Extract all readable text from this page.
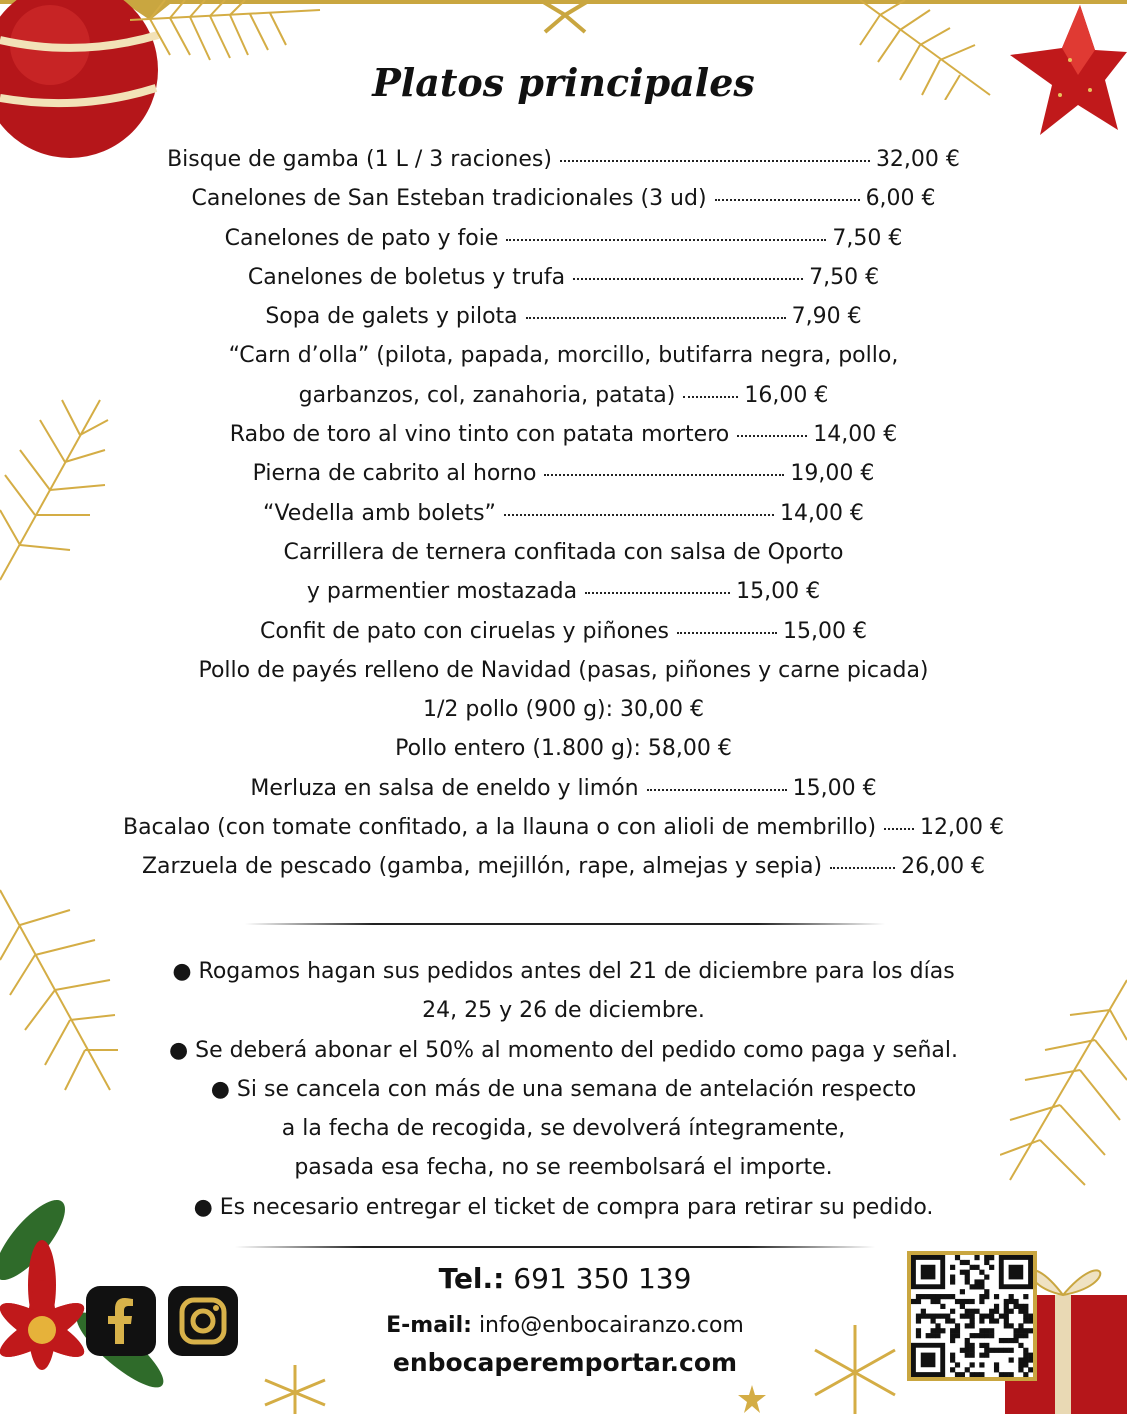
Platos principales
Bisque de gamba (1 L / 3 raciones)	32,00 €
Canelones de San Esteban tradicionales (3 ud)	6,00 €
Canelones de pato y foie	7,50 €
Canelones de boletus y trufa	7,50 €
Sopa de galets y pilota	7,90 €
“Carn d’olla” (pilota, papada, morcillo, butifarra negra, pollo,
garbanzos, col, zanahoria, patata)	16,00 €
Rabo de toro al vino tinto con patata mortero	14,00 €
Pierna de cabrito al horno	19,00 €
“Vedella amb bolets”	14,00 €
Carrillera de ternera confitada con salsa de Oporto
y parmentier mostazada	15,00 €
Confit de pato con ciruelas y piñones	15,00 €
Pollo de payés relleno de Navidad (pasas, piñones y carne picada)
1/2 pollo (900 g): 30,00 €
Pollo entero (1.800 g): 58,00 €
Merluza en salsa de eneldo y limón	15,00 €
Bacalao (con tomate confitado, a la llauna o con alioli de membrillo) 12,00 €
Zarzuela de pescado (gamba, mejillón, rape, almejas y sepia)	26,00 €
● Rogamos hagan sus pedidos antes del 21 de diciembre para los días
24, 25 y 26 de diciembre.
● Se deberá abonar el 50% al momento del pedido como paga y señal.
● Si se cancela con más de una semana de antelación respecto
a la fecha de recogida, se devolverá íntegramente,
pasada esa fecha, no se reembolsará el importe.
● Es necesario entregar el ticket de compra para retirar su pedido.
Tel.: 691 350 139
E-mail: info@enbocairanzo.com
enbocaperemportar.com
